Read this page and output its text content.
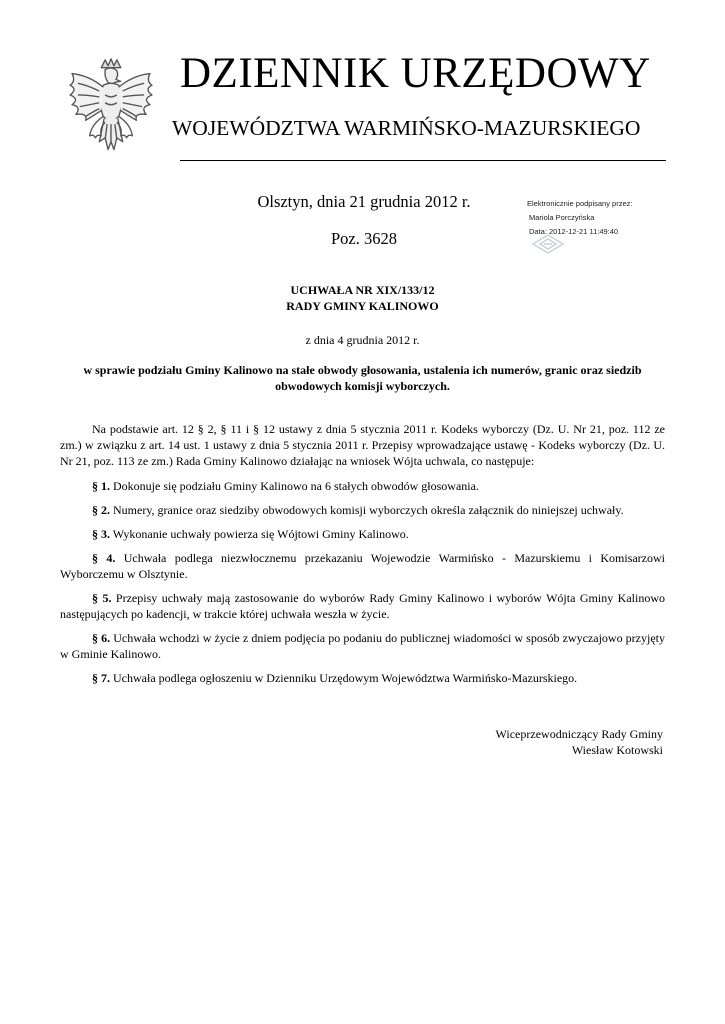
DZIENNIK URZĘDOWY
WOJEWÓDZTWA WARMIŃSKO-MAZURSKIEGO
Olsztyn, dnia 21 grudnia 2012 r.
Poz. 3628
Elektronicznie podpisany przez:
Mariola Porczyńska
Data: 2012-12-21 11:49:40
UCHWAŁA NR XIX/133/12
RADY GMINY KALINOWO
z dnia 4 grudnia 2012 r.
w sprawie podziału Gminy Kalinowo na stałe obwody głosowania, ustalenia ich numerów, granic oraz siedzib obwodowych komisji wyborczych.

Na podstawie art. 12 § 2, § 11 i § 12 ustawy z dnia 5 stycznia 2011 r. Kodeks wyborczy (Dz. U. Nr 21, poz. 112 ze zm.) w związku z art. 14 ust. 1 ustawy z dnia 5 stycznia 2011 r. Przepisy wprowadzające ustawę - Kodeks wyborczy (Dz. U. Nr 21, poz. 113 ze zm.) Rada Gminy Kalinowo działając na wniosek Wójta uchwala, co następuje:

§ 1. Dokonuje się podziału Gminy Kalinowo na 6 stałych obwodów głosowania.

§ 2. Numery, granice oraz siedziby obwodowych komisji wyborczych określa załącznik do niniejszej uchwały.

§ 3. Wykonanie uchwały powierza się Wójtowi Gminy Kalinowo.

§ 4. Uchwała podlega niezwłocznemu przekazaniu Wojewodzie Warmińsko - Mazurskiemu i Komisarzowi Wyborczemu w Olsztynie.

§ 5. Przepisy uchwały mają zastosowanie do wyborów Rady Gminy Kalinowo i wyborów Wójta Gminy Kalinowo następujących po kadencji, w trakcie której uchwała weszła w życie.

§ 6. Uchwała wchodzi w życie z dniem podjęcia po podaniu do publicznej wiadomości w sposób zwyczajowo przyjęty w Gminie Kalinowo.

§ 7. Uchwała podlega ogłoszeniu w Dzienniku Urzędowym Województwa Warmińsko-Mazurskiego.

Wiceprzewodniczący Rady Gminy
Wiesław Kotowski
